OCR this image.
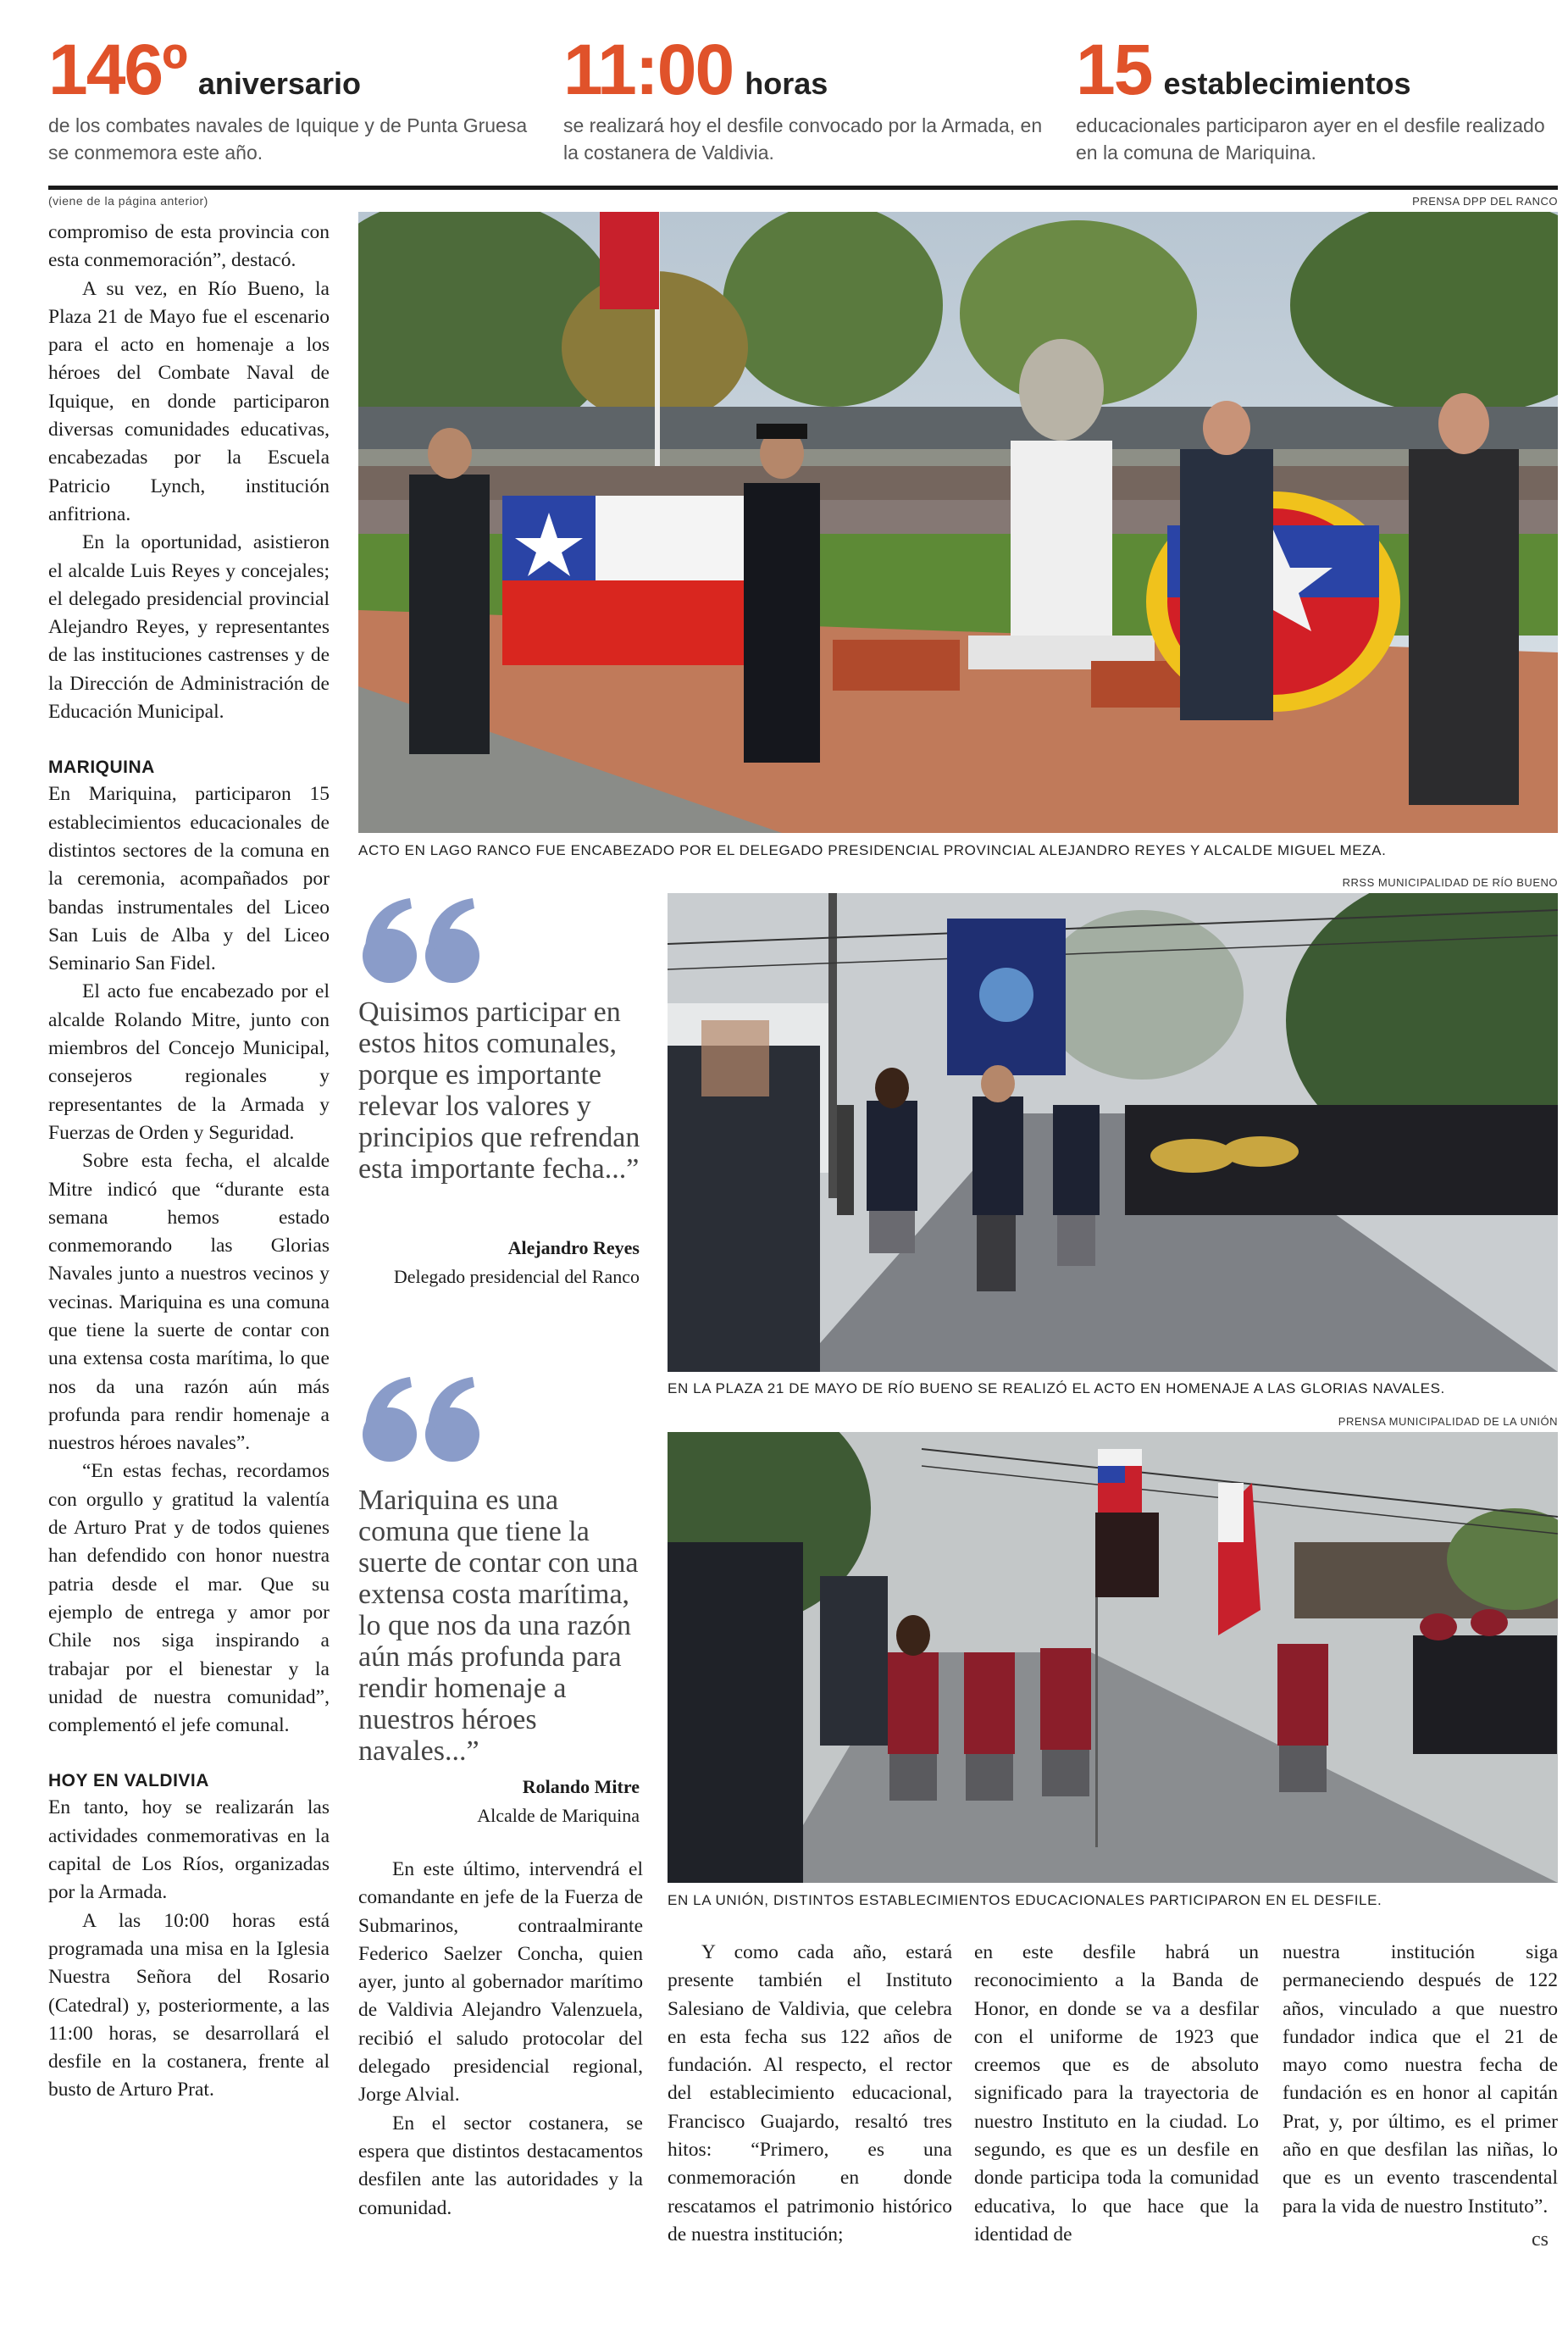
146º aniversario
de los combates navales de Iquique y de Punta Gruesa se conmemora este año.
11:00 horas
se realizará hoy el desfile convocado por la Armada, en la costanera de Valdivia.
15 establecimientos
educacionales participaron ayer en el desfile realizado en la comuna de Mariquina.
(viene de la página anterior)

compromiso de esta provincia con esta conmemoración”, destacó.

A su vez, en Río Bueno, la Plaza 21 de Mayo fue el escenario para el acto en homenaje a los héroes del Combate Naval de Iquique, en donde participaron diversas comunidades educativas, encabezadas por la Escuela Patricio Lynch, institución anfitriona.

En la oportunidad, asistieron el alcalde Luis Reyes y concejales; el delegado presidencial provincial Alejandro Reyes, y representantes de las instituciones castrenses y de la Dirección de Administración de Educación Municipal.

MARIQUINA

En Mariquina, participaron 15 establecimientos educacionales de distintos sectores de la comuna en la ceremonia, acompañados por bandas instrumentales del Liceo San Luis de Alba y del Liceo Seminario San Fidel.

El acto fue encabezado por el alcalde Rolando Mitre, junto con miembros del Concejo Municipal, consejeros regionales y representantes de la Armada y Fuerzas de Orden y Seguridad.

Sobre esta fecha, el alcalde Mitre indicó que “durante esta semana hemos estado conmemorando las Glorias Navales junto a nuestros vecinos y vecinas. Mariquina es una comuna que tiene la suerte de contar con una extensa costa marítima, lo que nos da una razón aún más profunda para rendir homenaje a nuestros héroes navales”.

“En estas fechas, recordamos con orgullo y gratitud la valentía de Arturo Prat y de todos quienes han defendido con honor nuestra patria desde el mar. Que su ejemplo de entrega y amor por Chile nos siga inspirando a trabajar por el bienestar y la unidad de nuestra comunidad”, complementó el jefe comunal.

HOY EN VALDIVIA

En tanto, hoy se realizarán las actividades conmemorativas en la capital de Los Ríos, organizadas por la Armada.

A las 10:00 horas está programada una misa en la Iglesia Nuestra Señora del Rosario (Catedral) y, posteriormente, a las 11:00 horas, se desarrollará el desfile en la costanera, frente al busto de Arturo Prat.

PRENSA DPP DEL RANCO
ACTO EN LAGO RANCO FUE ENCABEZADO POR EL DELEGADO PRESIDENCIAL PROVINCIAL ALEJANDRO REYES Y ALCALDE MIGUEL MEZA.
Quisimos participar en estos hitos comunales, porque es importante relevar los valores y principios que refrendan esta importante fecha...”
Alejandro Reyes
Delegado presidencial del Ranco
Mariquina es una comuna que tiene la suerte de contar con una extensa costa marítima, lo que nos da una razón aún más profunda para rendir homenaje a nuestros héroes navales...”
Rolando Mitre
Alcalde de Mariquina
RRSS MUNICIPALIDAD DE RÍO BUENO
EN LA PLAZA 21 DE MAYO DE RÍO BUENO SE REALIZÓ EL ACTO EN HOMENAJE A LAS GLORIAS NAVALES.
PRENSA MUNICIPALIDAD DE LA UNIÓN
EN LA UNIÓN, DISTINTOS ESTABLECIMIENTOS EDUCACIONALES PARTICIPARON EN EL DESFILE.

En este último, intervendrá el comandante en jefe de la Fuerza de Submarinos, contraalmirante Federico Saelzer Concha, quien ayer, junto al gobernador marítimo de Valdivia Alejandro Valenzuela, recibió el saludo protocolar del delegado presidencial regional, Jorge Alvial.

En el sector costanera, se espera que distintos destacamentos desfilen ante las autoridades y la comunidad.

Y como cada año, estará presente también el Instituto Salesiano de Valdivia, que celebra en esta fecha sus 122 años de fundación. Al respecto, el rector del establecimiento educacional, Francisco Guajardo, resaltó tres hitos: “Primero, es una conmemoración en donde rescatamos el patrimonio histórico de nuestra institución;

en este desfile habrá un reconocimiento a la Banda de Honor, en donde se va a desfilar con el uniforme de 1923 que creemos que es de absoluto significado para la trayectoria de nuestro Instituto en la ciudad. Lo segundo, es que es un desfile en donde participa toda la comunidad educativa, lo que hace que la identidad de

nuestra institución siga permaneciendo después de 122 años, vinculado a que nuestro fundador indica que el 21 de mayo como nuestra fecha de fundación es en honor al capitán Prat, y, por último, es el primer año en que desfilan las niñas, lo que es un evento trascendental para la vida de nuestro Instituto”.

cs
